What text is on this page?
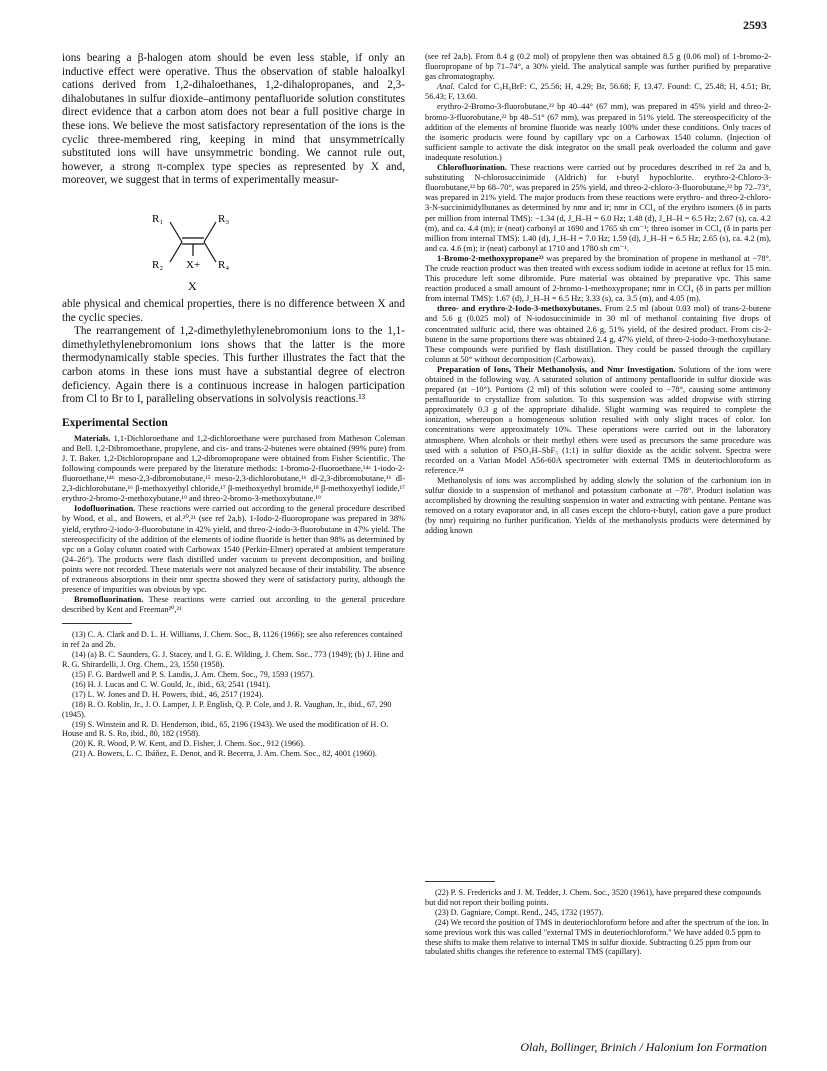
2593

ions bearing a β-halogen atom should be even less stable, if only an inductive effect were operative. Thus the observation of stable haloalkyl cations derived from 1,2-dihaloethanes, 1,2-dihalopropanes, and 2,3-dihalobutanes in sulfur dioxide–antimony pentafluoride solution constitutes direct evidence that a carbon atom does not bear a full positive charge in these ions. We believe the most satisfactory representation of the ions is the cyclic three-membered ring, keeping in mind that unsymmetrically substituted ions will have unsymmetric bonding. We cannot rule out, however, a strong π-complex type species as represented by X and, moreover, we suggest that in terms of experimentally measur-

R₁	R₃
R₂	R₄
X+
X

able physical and chemical properties, there is no difference between X and the cyclic species.

The rearrangement of 1,2-dimethylethylenebromonium ions to the 1,1-dimethylethylenebromonium ions shows that the latter is the more thermodynamically stable species. This further illustrates the fact that the carbon atoms in these ions must have a substantial degree of electron deficiency. Again there is a continuous increase in halogen participation from Cl to Br to I, paralleling observations in solvolysis reactions.¹³

Experimental Section

Materials. 1,1-Dichloroethane and 1,2-dichloroethane were purchased from Matheson Coleman and Bell. 1,2-Dibromoethane, propylene, and cis- and trans-2-butenes were obtained (99% pure) from J. T. Baker. 1,2-Dichloropropane and 1,2-dibromopropane were obtained from Fisher Scientific. The following compounds were prepared by the literature methods: 1-bromo-2-fluoroethane,¹⁴ᵃ 1-iodo-2-fluoroethane,¹⁴ᵇ meso-2,3-dibromobutane,¹⁵ meso-2,3-dichlorobutane,¹⁶ dl-2,3-dibromobutane,¹⁶ dl-2,3-dichlorobutane,¹⁶ β-methoxyethyl chloride,¹⁷ β-methoxyethyl bromide,¹⁸ β-methoxyethyl iodide,¹⁷ erythro-2-bromo-2-methoxybutane,¹⁹ and threo-2-bromo-3-methoxybutane.¹⁹

Iodofluorination. These reactions were carried out according to the general procedure described by Wood, et al., and Bowers, et al.²⁰,²¹ (see ref 2a,b). 1-Iodo-2-fluoropropane was prepared in 38% yield, erythro-2-iodo-3-fluorobutane in 42% yield, and threo-2-iodo-3-fluorobutane in 47% yield. The stereospecificity of the addition of the elements of iodine fluoride is better than 98% as determined by vpc on a Golay column coated with Carbowax 1540 (Perkin-Elmer) operated at ambient temperature (24–26°). The products were flash distilled under vacuum to prevent decomposition, and boiling points were not recorded. These materials were not analyzed because of their instability. The absence of extraneous absorptions in their nmr spectra showed they were of satisfactory purity, although the presence of impurities was obvious by vpc.

Bromofluorination. These reactions were carried out according to the general procedure described by Kent and Freeman²⁰,²¹

(13) C. A. Clark and D. L. H. Williams, J. Chem. Soc., B, 1126 (1966); see also references contained in ref 2a and 2b.

(14) (a) B. C. Saunders, G. J. Stacey, and I. G. E. Wilding, J. Chem. Soc., 773 (1949); (b) J. Hine and R. G. Shirardelli, J. Org. Chem., 23, 1550 (1958).

(15) F. G. Bardwell and P. S. Landis, J. Am. Chem. Soc., 79, 1593 (1957).

(16) H. J. Lucas and C. W. Gould, Jr., ibid., 63, 2541 (1941).

(17) L. W. Jones and D. H. Powers, ibid., 46, 2517 (1924).

(18) R. O. Roblin, Jr., J. O. Lamper, J. P. English, Q. P. Cole, and J. R. Vaughan, Jr., ibid., 67, 290 (1945).

(19) S. Winstein and R. D. Henderson, ibid., 65, 2196 (1943). We used the modification of H. O. House and R. S. Ro, ibid., 80, 182 (1958).

(20) K. R. Wood, P. W. Kent, and D. Fisher, J. Chem. Soc., 912 (1966).

(21) A. Bowers, L. C. Ibáñez, E. Denot, and R. Becerra, J. Am. Chem. Soc., 82, 4001 (1960).

(see ref 2a,b). From 8.4 g (0.2 mol) of propylene then was obtained 8.5 g (0.06 mol) of 1-bromo-2-fluoropropane of bp 71–74°, a 30% yield. The analytical sample was further purified by preparative gas chromatography.

Anal. Calcd for C₃H₆BrF: C, 25.56; H, 4.29; Br, 56.68; F, 13.47. Found: C, 25.48; H, 4.51; Br, 56.43; F, 13.60.

erythro-2-Bromo-3-fluorobutane,²² bp 40–44° (67 mm), was prepared in 45% yield and threo-2-bromo-3-fluorobutane,²² bp 48–51° (67 mm), was prepared in 51% yield. The stereospecificity of the addition of the elements of bromine fluoride was nearly 100% under these conditions. Only traces of the isomeric products were found by capillary vpc on a Carbowax 1540 column. (Injection of sufficient sample to activate the disk integrator on the small peak overloaded the column and gave inadequate resolution.)

Chlorofluorination. These reactions were carried out by procedures described in ref 2a and b, substituting N-chlorosuccinimide (Aldrich) for t-butyl hypochlorite. erythro-2-Chloro-3-fluorobutane,²² bp 68–70°, was prepared in 25% yield, and threo-2-chloro-3-fluorobutane,²² bp 72–73°, was prepared in 21% yield. The major products from these reactions were erythro- and threo-2-chloro-3-N-succinimidylbutanes as determined by nmr and ir; nmr in CCl₄ of the erythro isomers (δ in parts per million from internal TMS): −1.34 (d, J_H–H = 6.0 Hz; 1.48 (d), J_H–H = 6.5 Hz; 2.67 (s), ca. 4.2 (m), and ca. 4.4 (m); ir (neat) carbonyl at 1690 and 1765 sh cm⁻¹; threo isomer in CCl₄ (δ in parts per million from internal TMS): 1.40 (d), J_H–H = 7.0 Hz; 1.59 (d), J_H–H = 6.5 Hz; 2.65 (s), ca. 4.2 (m), and ca. 4.6 (m); ir (neat) carbonyl at 1710 and 1780 sh cm⁻¹.

1-Bromo-2-methoxypropane²³ was prepared by the bromination of propene in methanol at −78°. The crude reaction product was then treated with excess sodium iodide in acetone at reflux for 15 min. This procedure left some dibromide. Pure material was obtained by preparative vpc. This same reaction produced a small amount of 2-bromo-1-methoxypropane; nmr in CCl₄ (δ in parts per million from internal TMS): 1.67 (d), J_H–H = 6.5 Hz; 3.33 (s), ca. 3.5 (m), and 4.05 (m).

threo- and erythro-2-Iodo-3-methoxybutanes. From 2.5 ml (about 0.03 mol) of trans-2-butene and 5.6 g (0.025 mol) of N-iodosuccinimide in 30 ml of methanol containing five drops of concentrated sulfuric acid, there was obtained 2.6 g, 51% yield, of the desired product. From cis-2-butene in the same proportions there was obtained 2.4 g, 47% yield, of threo-2-iodo-3-methoxybutane. These compounds were purified by flash distillation. They could be passed through the capillary column at 50° without decomposition (Carbowax).

Preparation of Ions, Their Methanolysis, and Nmr Investigation. Solutions of the ions were obtained in the following way. A saturated solution of antimony pentafluoride in sulfur dioxide was prepared (at −10°). Portions (2 ml) of this solution were cooled to −78°, causing some antimony pentafluoride to crystallize from solution. To this suspension was added dropwise with stirring approximately 0.3 g of the appropriate dihalide. Slight warming was required to complete the ionization, whereupon a homogeneous solution resulted with only slight traces of color. Ion concentrations were approximately 10%. These operations were carried out in the laboratory atmosphere. When alcohols or their methyl ethers were used as precursors the same procedure was used with a solution of FSO₃H–SbF₅ (1:1) in sulfur dioxide as the acidic solvent. Spectra were recorded on a Varian Model A56-60A spectrometer with external TMS in deuteriochloroform as reference.²⁴

Methanolysis of ions was accomplished by adding slowly the solution of the carbonium ion in sulfur dioxide to a suspension of methanol and potassium carbonate at −78°. Product isolation was accomplished by drowning the resulting suspension in water and extracting with pentane. Pentane was removed on a rotary evaporator and, in all cases except the chloro-t-butyl, cation gave a pure product (by nmr) requiring no further purification. Yields of the methanolysis products were determined by adding known

(22) P. S. Fredericks and J. M. Tedder, J. Chem. Soc., 3520 (1961), have prepared these compounds but did not report their boiling points.

(23) D. Gagniare, Compt. Rend., 245, 1732 (1957).

(24) We record the position of TMS in deuteriochloroform before and after the spectrum of the ion. In some previous work this was called "external TMS in deuteriochloroform." We have added 0.5 ppm to these shifts to make them relative to internal TMS in sulfur dioxide. Subtracting 0.25 ppm from our tabulated shifts changes the reference to external TMS (capillary).

Olah, Bollinger, Brinich / Halonium Ion Formation
